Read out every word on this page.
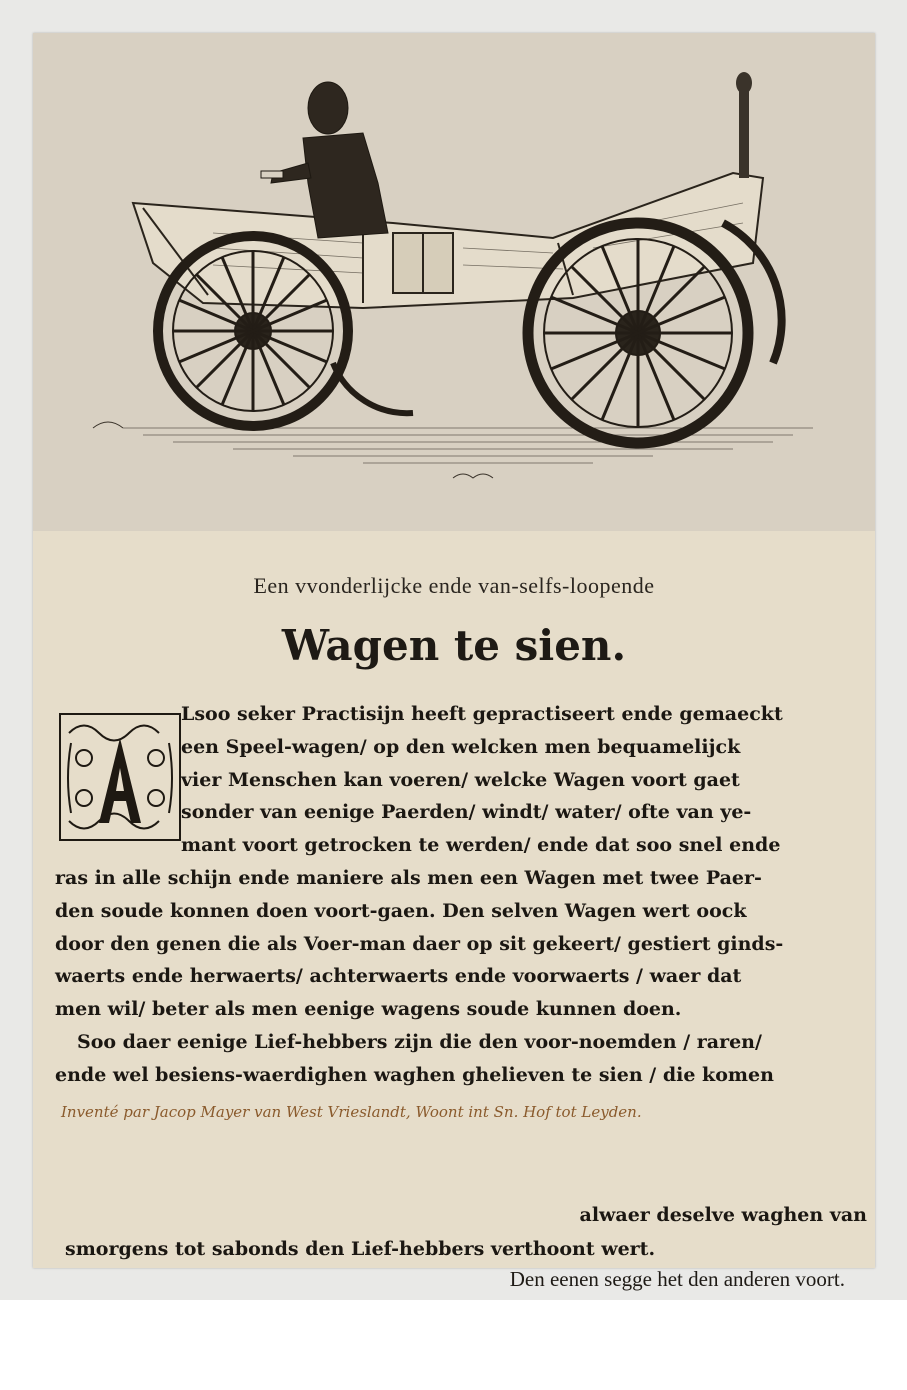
Een vvonderlijcke ende van-selfs-loopende
Wagen te sien.
Lsoo seker Practisijn heeft gepractiseert ende gemaeckt
een Speel-wagen/ op den welcken men bequamelijck
vier Menschen kan voeren/ welcke Wagen voort gaet
sonder van eenige Paerden/ windt/ water/ ofte van ye-
mant voort getrocken te werden/ ende dat soo snel ende
ras in alle schijn ende maniere als men een Wagen met twee Paer-
den soude konnen doen voort-gaen. Den selven Wagen wert oock
door den genen die als Voer-man daer op sit gekeert/ gestiert ginds-
waerts ende herwaerts/ achterwaerts ende voorwaerts / waer dat
men wil/ beter als men eenige wagens soude kunnen doen.
Soo daer eenige Lief-hebbers zijn die den voor-noemden / raren/
ende wel besiens-waerdighen waghen ghelieven te sien / die komen
Inventé par Jacop Mayer van West Vrieslandt, Woont int Sn. Hof tot Leyden.
alwaer deselve waghen van
smorgens tot sabonds den Lief-hebbers verthoont wert.
Den eenen segge het den anderen voort.
